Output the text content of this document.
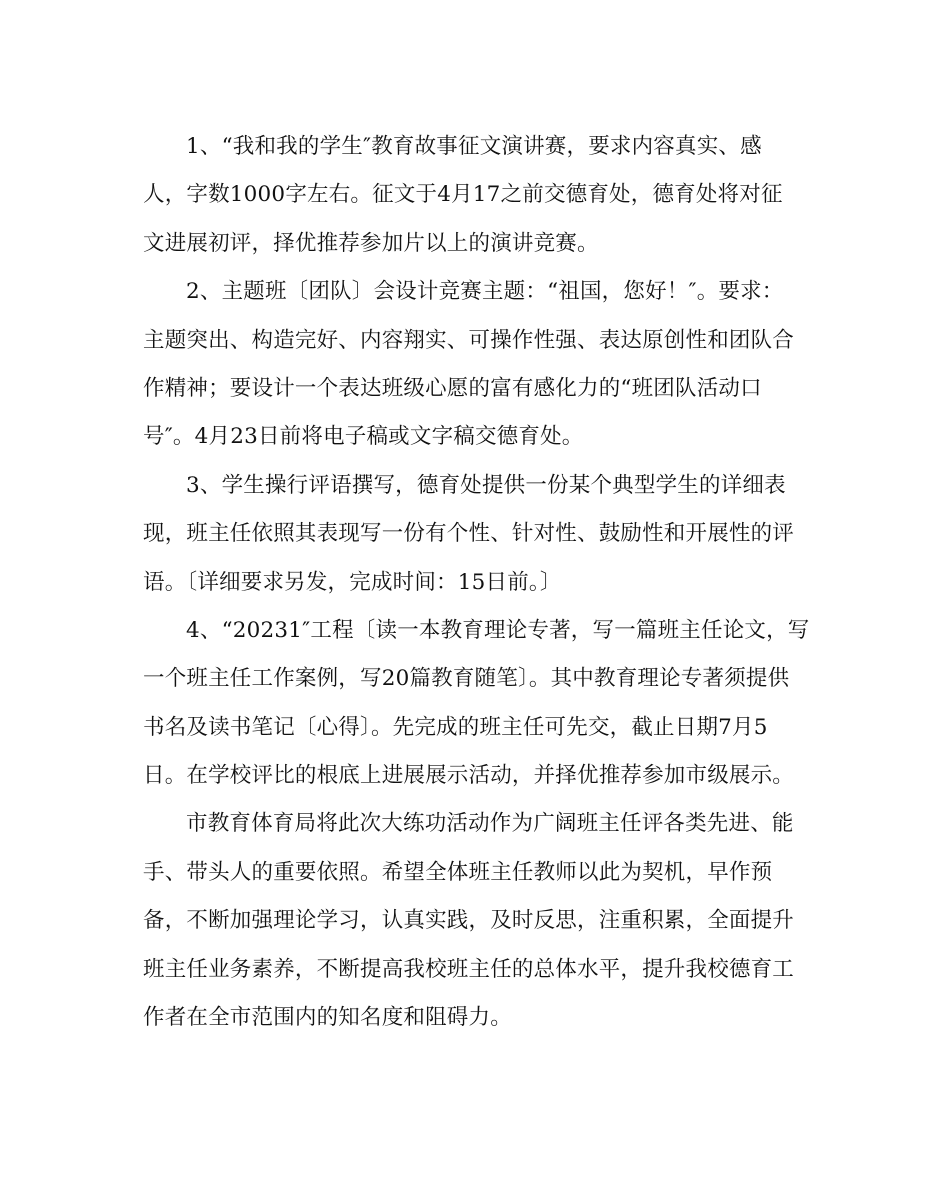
1、“我和我的学生″教育故事征文演讲赛，要求内容真实、感
人，字数1000字左右。征文于4月17之前交德育处，德育处将对征
文进展初评，择优推荐参加片以上的演讲竞赛。
2、主题班〔团队〕会设计竞赛主题：“祖国，您好！″。要求：
主题突出、构造完好、内容翔实、可操作性强、表达原创性和团队合
作精神；要设计一个表达班级心愿的富有感化力的“班团队活动口
号″。4月23日前将电子稿或文字稿交德育处。
3、学生操行评语撰写，德育处提供一份某个典型学生的详细表
现，班主任依照其表现写一份有个性、针对性、鼓励性和开展性的评
语。〔详细要求另发，完成时间：15日前。〕
4、“20231″工程〔读一本教育理论专著，写一篇班主任论文，写
一个班主任工作案例，写20篇教育随笔〕。其中教育理论专著须提供
书名及读书笔记〔心得〕。先完成的班主任可先交，截止日期7月5
日。在学校评比的根底上进展展示活动，并择优推荐参加市级展示。
市教育体育局将此次大练功活动作为广阔班主任评各类先进、能
手、带头人的重要依照。希望全体班主任教师以此为契机，早作预
备，不断加强理论学习，认真实践，及时反思，注重积累，全面提升
班主任业务素养，不断提高我校班主任的总体水平，提升我校德育工
作者在全市范围内的知名度和阻碍力。
